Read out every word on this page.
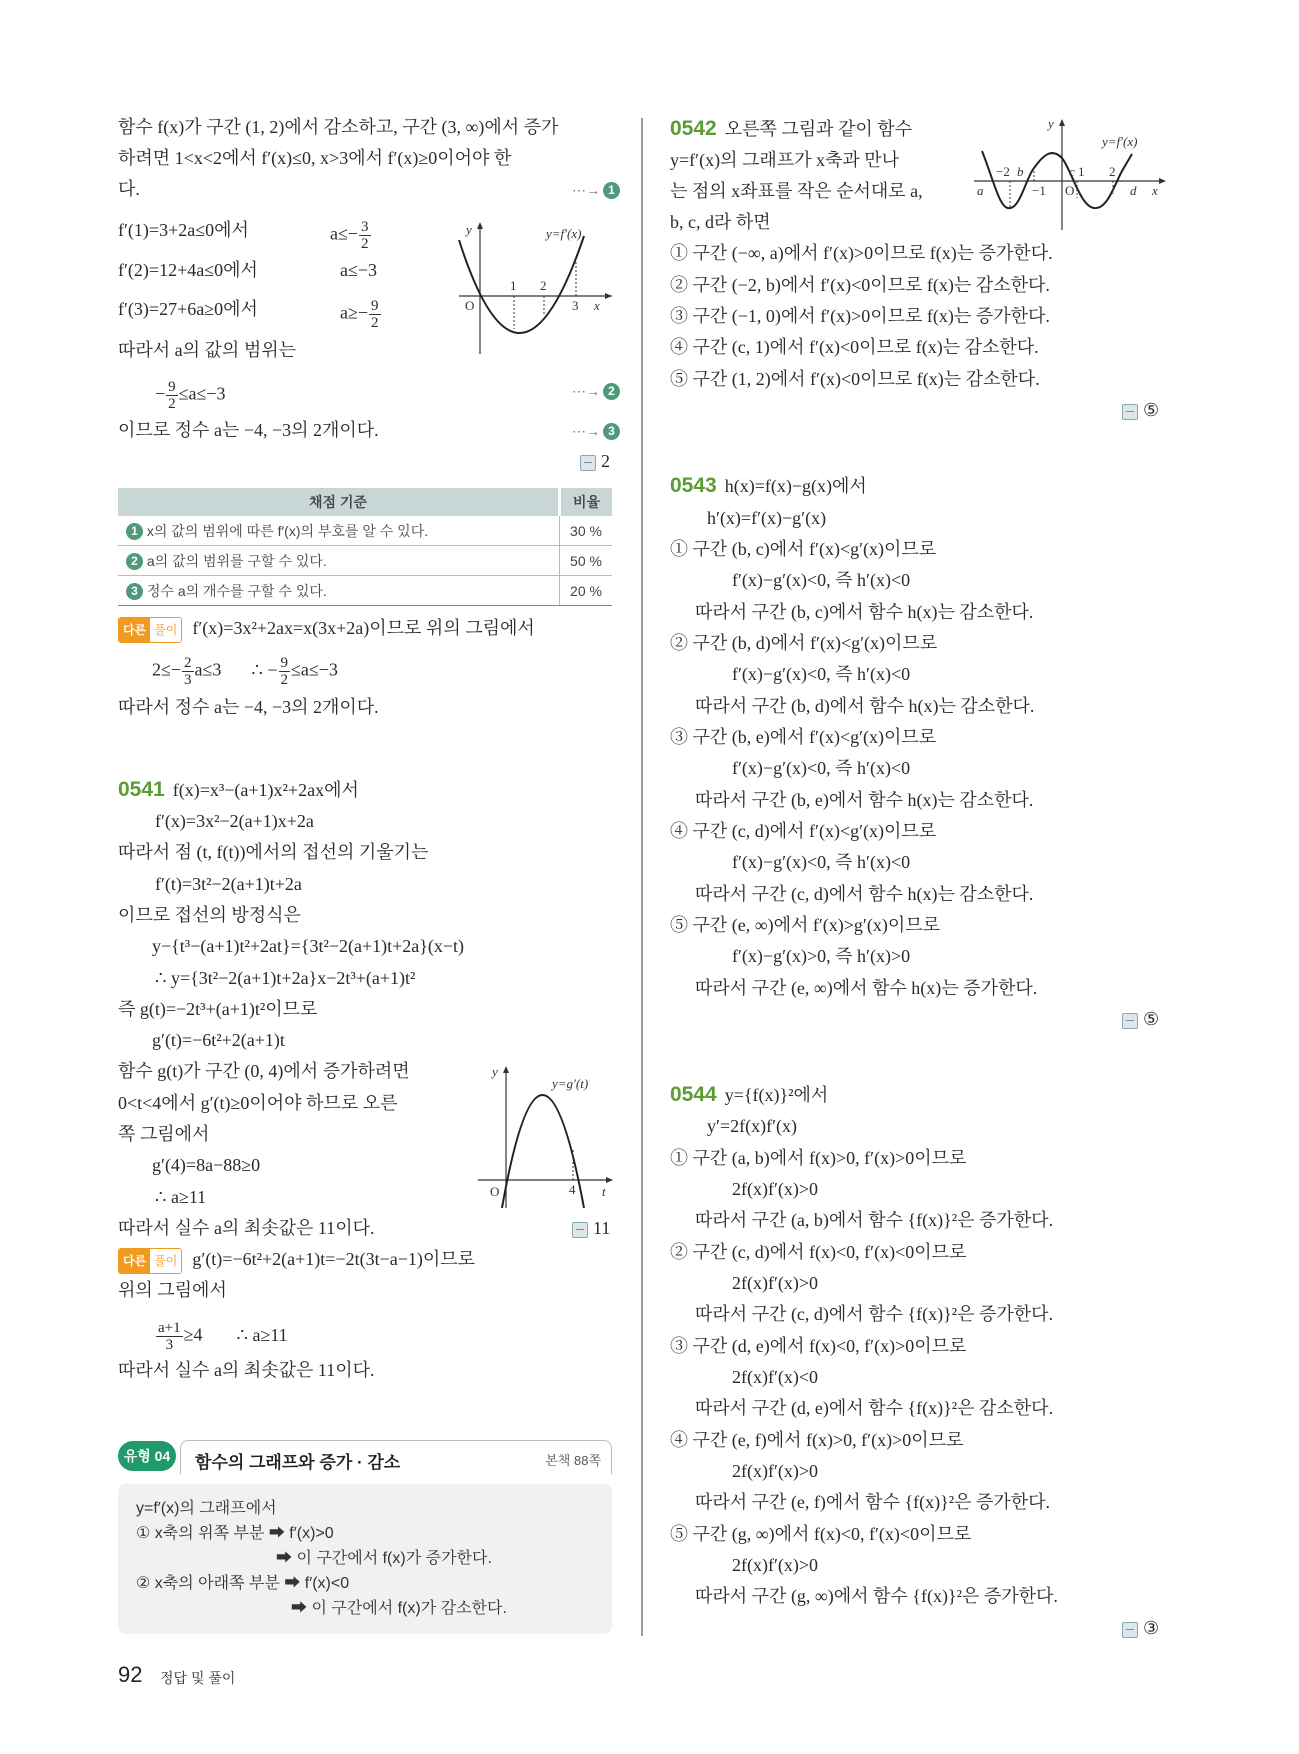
함수 f(x)가 구간 (1, 2)에서 감소하고, 구간 (3, ∞)에서 증가
하려면 1<x<2에서 f′(x)≤0, x>3에서 f′(x)≥0이어야 한
다.	⋯→ 1
f′(1)=3+2a≤0에서	$a\le- \frac{3}{2}$
f′(2)=12+4a≤0에서	a≤−3
f′(3)=27+6a≥0에서	$a\ge- \frac{9}{2}$
따라서 a의 값의 범위는
− $\frac{9}{2} \le a\le-3$	⋯→ 2
이므로 정수 a는 −4, −3의 2개이다.	⋯→ 3
2
y	y=f′(x)
O
1 2
3 x
채점 기준	비율
1 x의 값의 범위에 따른 f′(x)의 부호를 알 수 있다.	30 %
2 a의 값의 범위를 구할 수 있다.	50 %
3 정수 a의 개수를 구할 수 있다.	20 %
다른 풀이 f′(x)=3x²+2ax=x(3x+2a)이므로 위의 그림에서
$2\le- \frac{2}{3} a\le 3$ ∴ − $\frac{9}{2} \le a\le-3$
따라서 정수 a는 −4, −3의 2개이다.
0541 f(x)=x³−(a+1)x²+2ax에서
f′(x)=3x²−2(a+1)x+2a
따라서 점 (t, f(t))에서의 접선의 기울기는
f′(t)=3t²−2(a+1)t+2a
이므로 접선의 방정식은
y−{t³−(a+1)t²+2at}={3t²−2(a+1)t+2a}(x−t)
∴ y={3t²−2(a+1)t+2a}x−2t³+(a+1)t²
즉 g(t)=−2t³+(a+1)t²이므로
g′(t)=−6t²+2(a+1)t
함수 g(t)가 구간 (0, 4)에서 증가하려면
0<t<4에서 g′(t)≥0이어야 하므로 오른
쪽 그림에서
g′(4)=8a−88≥0
∴ a≥11
따라서 실수 a의 최솟값은 11이다.	11
y
y=g′(t)
O	4 t
다른 풀이 g′(t)=−6t²+2(a+1)t=−2t(3t−a−1)이므로
위의 그림에서
$\frac{a+1}{3} \ge 4$ ∴ a≥11
따라서 실수 a의 최솟값은 11이다.
유형 04	함수의 그래프와 증가 · 감소	본책 88쪽
y=f′(x)의 그래프에서
① x축의 위쪽 부분 ➡ f′(x)>0
➡ 이 구간에서 f(x)가 증가한다.
② x축의 아래쪽 부분 ➡ f′(x)<0
➡ 이 구간에서 f(x)가 감소한다.
0542 오른쪽 그림과 같이 함수
y=f′(x)의 그래프가 x축과 만나
는 점의 x좌표를 작은 순서대로 a,
b, c, d라 하면
① 구간 (−∞, a)에서 f′(x)>0이므로 f(x)는 증가한다.
② 구간 (−2, b)에서 f′(x)<0이므로 f(x)는 감소한다.
③ 구간 (−1, 0)에서 f′(x)>0이므로 f(x)는 증가한다.
④ 구간 (c, 1)에서 f′(x)<0이므로 f(x)는 감소한다.
⑤ 구간 (1, 2)에서 f′(x)<0이므로 f(x)는 감소한다.
⑤
y
y=f′(x)
−2 b
−1 O
c 1 2
a	d x
0543 h(x)=f(x)−g(x)에서
h′(x)=f′(x)−g′(x)
① 구간 (b, c)에서 f′(x)<g′(x)이므로
f′(x)−g′(x)<0, 즉 h′(x)<0
따라서 구간 (b, c)에서 함수 h(x)는 감소한다.
② 구간 (b, d)에서 f′(x)<g′(x)이므로
f′(x)−g′(x)<0, 즉 h′(x)<0
따라서 구간 (b, d)에서 함수 h(x)는 감소한다.
③ 구간 (b, e)에서 f′(x)<g′(x)이므로
f′(x)−g′(x)<0, 즉 h′(x)<0
따라서 구간 (b, e)에서 함수 h(x)는 감소한다.
④ 구간 (c, d)에서 f′(x)<g′(x)이므로
f′(x)−g′(x)<0, 즉 h′(x)<0
따라서 구간 (c, d)에서 함수 h(x)는 감소한다.
⑤ 구간 (e, ∞)에서 f′(x)>g′(x)이므로
f′(x)−g′(x)>0, 즉 h′(x)>0
따라서 구간 (e, ∞)에서 함수 h(x)는 증가한다.
⑤
0544 y={f(x)}²에서
y′=2f(x)f′(x)
① 구간 (a, b)에서 f(x)>0, f′(x)>0이므로
2f(x)f′(x)>0
따라서 구간 (a, b)에서 함수 {f(x)}²은 증가한다.
② 구간 (c, d)에서 f(x)<0, f′(x)<0이므로
2f(x)f′(x)>0
따라서 구간 (c, d)에서 함수 {f(x)}²은 증가한다.
③ 구간 (d, e)에서 f(x)<0, f′(x)>0이므로
2f(x)f′(x)<0
따라서 구간 (d, e)에서 함수 {f(x)}²은 감소한다.
④ 구간 (e, f)에서 f(x)>0, f′(x)>0이므로
2f(x)f′(x)>0
따라서 구간 (e, f)에서 함수 {f(x)}²은 증가한다.
⑤ 구간 (g, ∞)에서 f(x)<0, f′(x)<0이므로
2f(x)f′(x)>0
따라서 구간 (g, ∞)에서 함수 {f(x)}²은 증가한다.
③
92 정답 및 풀이
